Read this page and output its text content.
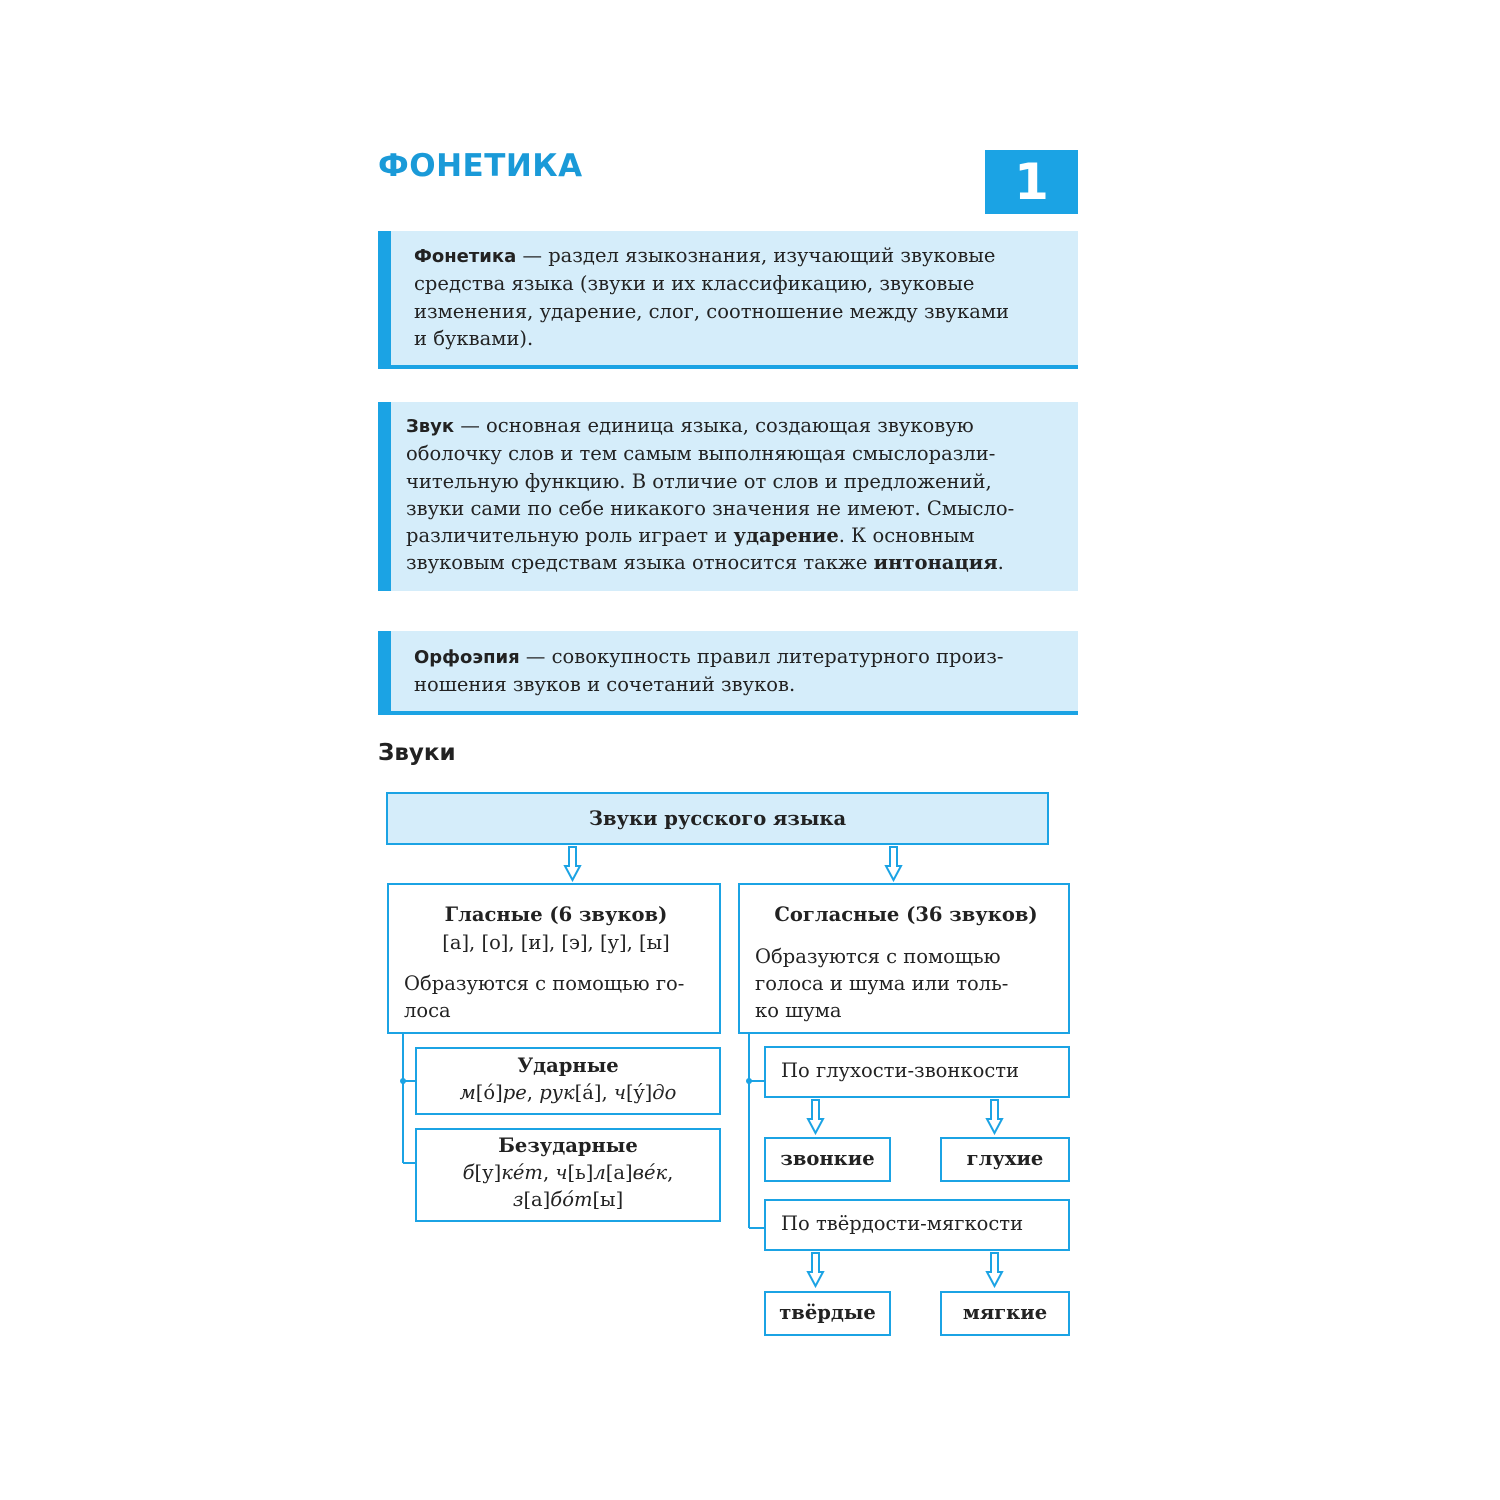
ФОНЕТИКА	1
Фонетика — раздел языкознания, изучающий звуковые
средства языка (звуки и их классификацию, звуковые
изменения, ударение, слог, соотношение между звуками
и буквами).
Звук — основная единица языка, создающая звуковую
оболочку слов и тем самым выполняющая смыслоразли-
чительную функцию. В отличие от слов и предложений,
звуки сами по себе никакого значения не имеют. Смысло-
различительную роль играет и ударение. К основным
звуковым средствам языка относится также интонация.
Орфоэпия — совокупность правил литературного произ-
ношения звуков и сочетаний звуков.
Звуки
Звуки русского языка
Гласные (6 звуков)
[а], [о], [и], [э], [у], [ы]
Образуются с помощью го-
лоса
Согласные (36 звуков)
Образуются с помощью
голоса и шума или толь-
ко шума
Ударные
м[о́]ре, рук[á], ч[ý]до
Безударные
б[у]кéт, ч[ь]л[а]вéк,
з[а]бóт[ы]
По глухости-звонкости
звонкие	глухие
По твёрдости-мягкости
твёрдые	мягкие
